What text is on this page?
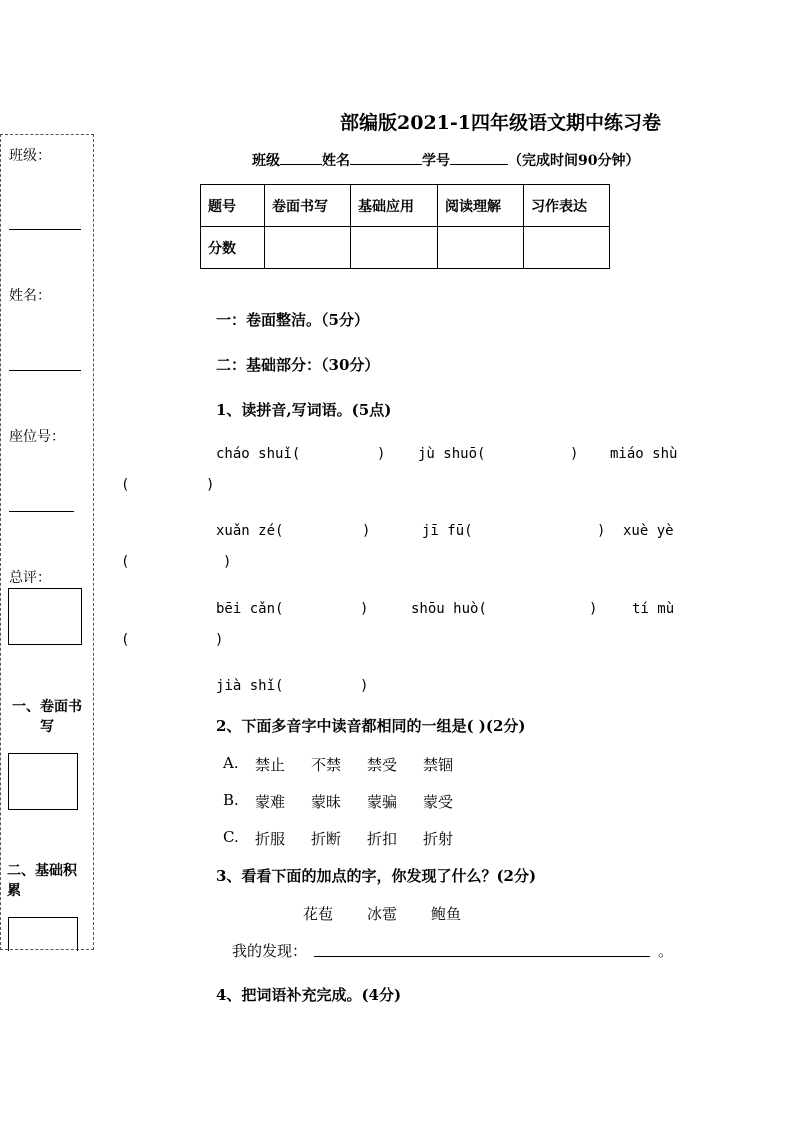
班级：
姓名：
座位号：
总评：
一、卷面书写
二、基础积累
部编版2021-1四年级语文期中练习卷
班级	姓名	学号	（完成时间90分钟）
题号	卷面书写	基础应用	阅读理解	习作表达
分数				
一：卷面整洁。（5分）
二：基础部分：（30分）
1、读拼音,写词语。(5点)
cháo shuǐ(	) jù shuō(	) miáo shù
(	)
xuǎn zé(	)	jī fū(	) xuè yè
(	)
bēi cǎn(	)	shōu huò(	) tí mù
(	)
jià shǐ(	)
2、下面多音字中读音都相同的一组是( )(2分)
A. 禁止 不禁 禁受 禁锢
B. 蒙难 蒙昧 蒙骗 蒙受
C. 折服 折断 折扣 折射
3、看看下面的加点的字，你发现了什么？(2分)
花苞 冰雹 鲍鱼
我的发现：	。
4、把词语补充完成。(4分)
